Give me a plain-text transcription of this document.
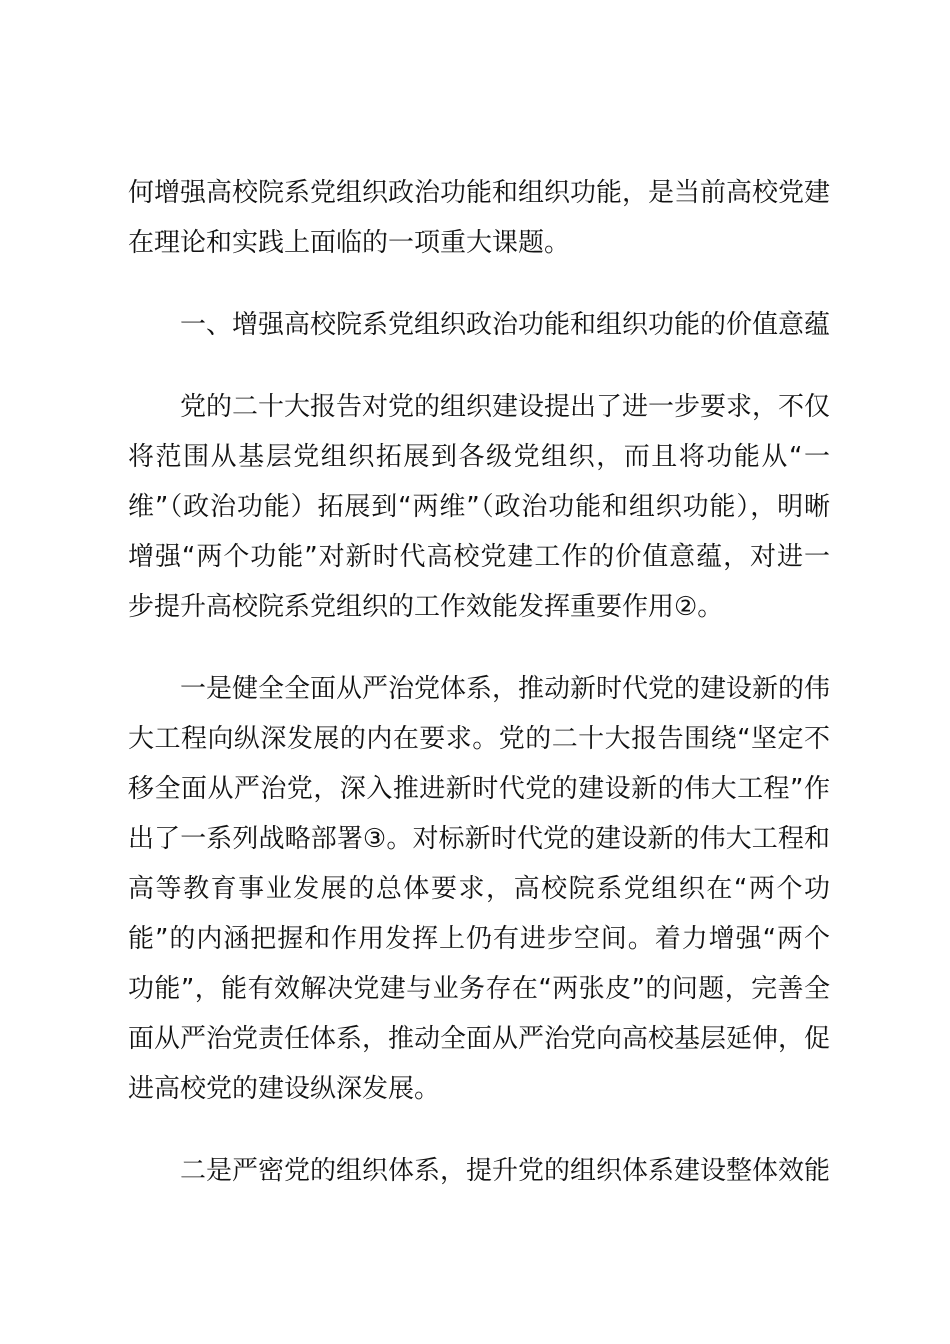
何增强高校院系党组织政治功能和组织功能，是当前高校党建在理论和实践上面临的一项重大课题。

一、增强高校院系党组织政治功能和组织功能的价值意蕴

党的二十大报告对党的组织建设提出了进一步要求，不仅将范围从基层党组织拓展到各级党组织，而且将功能从“一维”（政治功能）拓展到“两维”（政治功能和组织功能），明晰增强“两个功能”对新时代高校党建工作的价值意蕴，对进一步提升高校院系党组织的工作效能发挥重要作用②。

一是健全全面从严治党体系，推动新时代党的建设新的伟大工程向纵深发展的内在要求。党的二十大报告围绕“坚定不移全面从严治党，深入推进新时代党的建设新的伟大工程”作出了一系列战略部署③。对标新时代党的建设新的伟大工程和高等教育事业发展的总体要求，高校院系党组织在“两个功能”的内涵把握和作用发挥上仍有进步空间。着力增强“两个功能”，能有效解决党建与业务存在“两张皮”的问题，完善全面从严治党责任体系，推动全面从严治党向高校基层延伸，促进高校党的建设纵深发展。

二是严密党的组织体系，提升党的组织体系建设整体效能
